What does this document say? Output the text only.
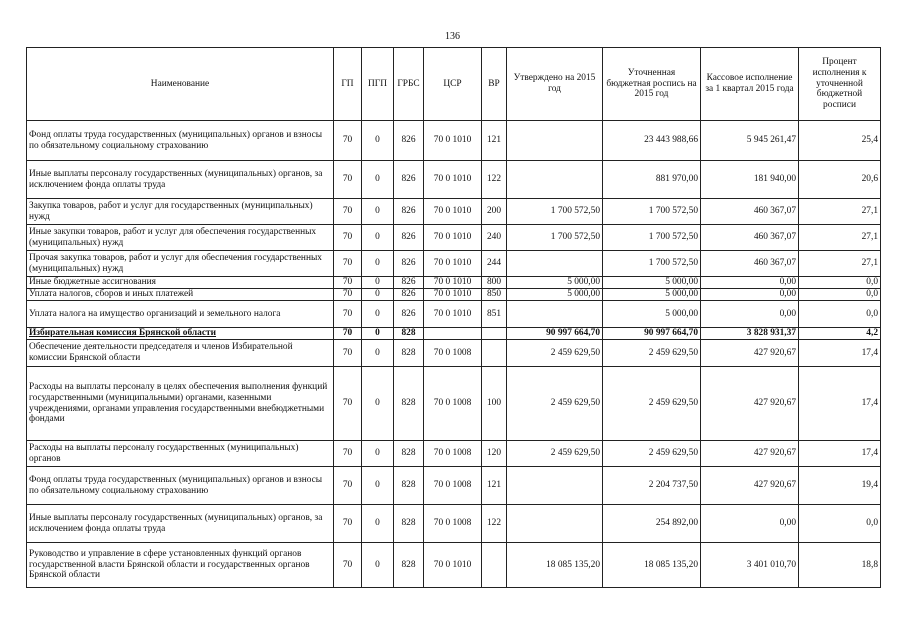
136
Наименование	ГП	ПГП	ГРБС	ЦСР	ВР	Утверждено на 2015 год	Уточненная бюджетная роспись на 2015 год	Кассовое исполнение за 1 квартал 2015 года	Процент исполнения к уточненной бюджетной росписи
Фонд оплаты труда государственных (муниципальных) органов и взносы по обязательному социальному страхованию	70	0	826	70 0 1010	121		23 443 988,66	5 945 261,47	25,4
Иные выплаты персоналу государственных (муниципальных) органов, за исключением фонда оплаты труда	70	0	826	70 0 1010	122		881 970,00	181 940,00	20,6
Закупка товаров, работ и услуг для государственных (муниципальных) нужд	70	0	826	70 0 1010	200	1 700 572,50	1 700 572,50	460 367,07	27,1
Иные закупки товаров, работ и услуг для обеспечения государственных (муниципальных) нужд	70	0	826	70 0 1010	240	1 700 572,50	1 700 572,50	460 367,07	27,1
Прочая закупка товаров, работ и услуг для обеспечения государственных (муниципальных) нужд	70	0	826	70 0 1010	244		1 700 572,50	460 367,07	27,1
Иные бюджетные ассигнования	70	0	826	70 0 1010	800	5 000,00	5 000,00	0,00	0,0
Уплата налогов, сборов и иных платежей	70	0	826	70 0 1010	850	5 000,00	5 000,00	0,00	0,0
Уплата налога на имущество организаций и земельного налога	70	0	826	70 0 1010	851		5 000,00	0,00	0,0
Избирательная комиссия Брянской области	70	0	828			90 997 664,70	90 997 664,70	3 828 931,37	4,2
Обеспечение деятельности председателя и членов Избирательной комиссии Брянской области	70	0	828	70 0 1008		2 459 629,50	2 459 629,50	427 920,67	17,4
Расходы на выплаты персоналу в целях обеспечения выполнения функций государственными (муниципальными) органами, казенными учреждениями, органами управления государственными внебюджетными фондами	70	0	828	70 0 1008	100	2 459 629,50	2 459 629,50	427 920,67	17,4
Расходы на выплаты персоналу государственных (муниципальных) органов	70	0	828	70 0 1008	120	2 459 629,50	2 459 629,50	427 920,67	17,4
Фонд оплаты труда государственных (муниципальных) органов и взносы по обязательному социальному страхованию	70	0	828	70 0 1008	121		2 204 737,50	427 920,67	19,4
Иные выплаты персоналу государственных (муниципальных) органов, за исключением фонда оплаты труда	70	0	828	70 0 1008	122		254 892,00	0,00	0,0
Руководство и управление в сфере установленных функций органов государственной власти Брянской области и государственных органов Брянской области	70	0	828	70 0 1010		18 085 135,20	18 085 135,20	3 401 010,70	18,8
